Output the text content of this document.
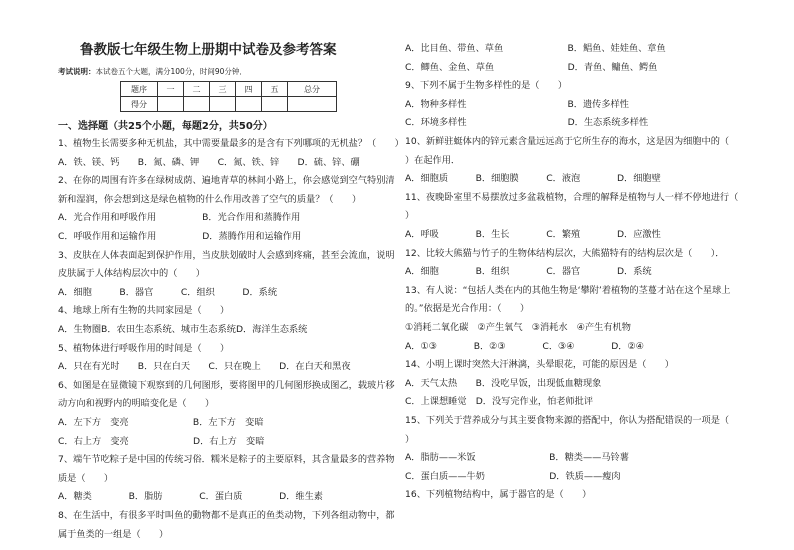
鲁教版七年级生物上册期中试卷及参考答案
考试说明：本试卷五个大题，满分100分，时间90分钟．
题序	一	二	三	四	五	总分
得分						
一、选择题（共25个小题，每题2分，共50分）
1、植物生长需要多种无机盐，其中需要量最多的是含有下列哪项的无机盐？（　　）
A．铁、镁、钙　　B．氮、磷、钾　　C．氮、铁、锌　　D．硫、锌、硼
2、在你的周围有许多在绿树成荫、遍地青草的林间小路上，你会感觉到空气特别清
新和湿润，你会想到这是绿色植物的什么作用改善了空气的质量？（　　）
A．光合作用和呼吸作用　　　　　B．光合作用和蒸腾作用
C．呼吸作用和运输作用　　　　　D．蒸腾作用和运输作用
3、皮肤在人体表面起到保护作用，当皮肤划破时人会感到疼痛，甚至会流血，说明
皮肤属于人体结构层次中的（　　）
A．细胞　　　B．器官　　　C．组织　　　D．系统
4、地球上所有生物的共同家园是（　　）
A．生物圈B．农田生态系统、城市生态系统D．海洋生态系统
5、植物体进行呼吸作用的时间是（　　）
A．只在有光时　　B．只在白天　　C．只在晚上　　D．在白天和黑夜
6、如图是在显微镜下观察到的几何图形，要将图甲的几何图形换成图乙，载玻片移
动方向和视野内的明暗变化是（　　）
A．左下方　变亮　　　　　　　B．左下方　变暗
C．右上方　变亮　　　　　　　D．右上方　变暗
7、端午节吃粽子是中国的传统习俗．糯米是粽子的主要原料，其含量最多的营养物
质是（　　）
A．糖类　　　　B．脂肪　　　　C．蛋白质　　　　D．维生素
8、在生活中，有很多平时叫鱼的動物都不是真正的鱼类动物，下列各组动物中，都
属于鱼类的一组是（　　）
A．比目鱼、带鱼、草鱼　　　　　　　B．鲳鱼、娃娃鱼、章鱼
C．鲫鱼、金鱼、草鱼　　　　　　　　D．青鱼、鳙鱼、鳄鱼
9、下列不属于生物多样性的是（　　）
A．物种多样性　　　　　　　　　　　B．遗传多样性
C．环境多样性　　　　　　　　　　　D．生态系统多样性
10、新鲜驻蜓体内的锌元素含量远远高于它所生存的海水，这是因为细胞中的（
）在起作用．
A．细胞质　　　B．细胞膜　　　C．液泡　　　　D．细胞壁
11、夜晚卧室里不易摆放过多盆栽植物，合理的解释是植物与人一样不停地进行（
）
A．呼吸　　　　B．生长　　　　C．繁殖　　　　D．应激性
12、比较大熊猫与竹子的生物体结构层次，大熊猫特有的结构层次是（　　）．
A．细胞　　　　B．组织　　　　C．器官　　　　D．系统
13、有人说：“包括人类在内的其他生物是‘攀附’着植物的茎蔓才站在这个星球上
的。”依据是光合作用：（　　）
①消耗二氧化碳　②产生氧气　③消耗水　④产生有机物
A．①③　　　　B．②③　　　　C．③④　　　　D．②④
14、小明上课时突然大汗淋漓，头晕眼花，可能的原因是（　　）
A．天气太热　　B．没吃早饭，出现低血糖现象
C．上课想睡觉　D．没写完作业，怕老师批评
15、下列关于营养成分与其主要食物来源的搭配中，你认为搭配错误的一项是（
）
A．脂肪——米饭　　　　　　　　B．糖类——马铃薯
C．蛋白质——牛奶　　　　　　　D．铁质——瘦肉
16、下列植物结构中，属于器官的是（　　）
